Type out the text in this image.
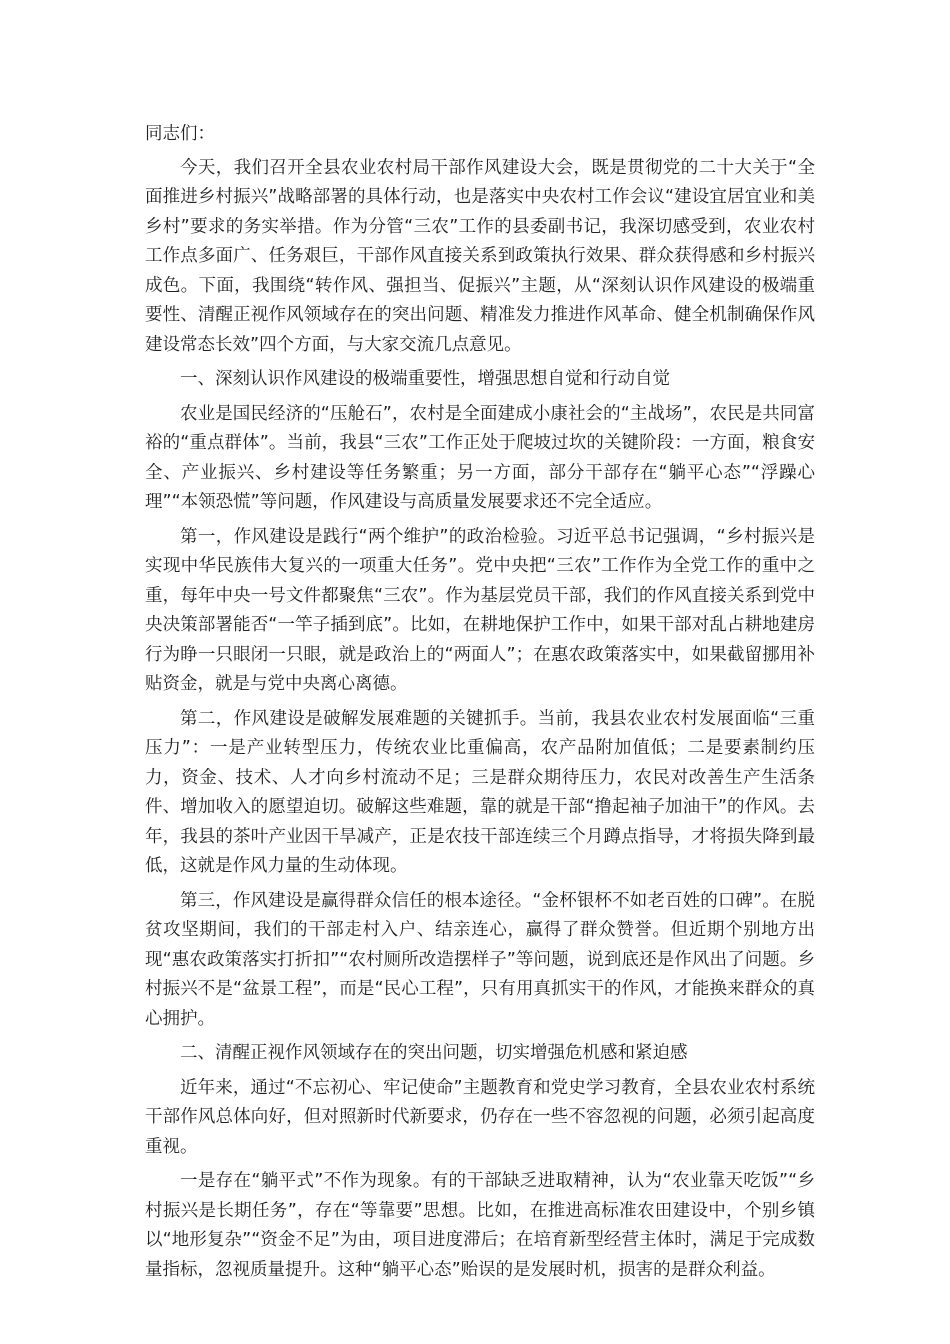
同志们：

今天，我们召开全县农业农村局干部作风建设大会，既是贯彻党的二十大关于“全面推进乡村振兴”战略部署的具体行动，也是落实中央农村工作会议“建设宜居宜业和美乡村”要求的务实举措。作为分管“三农”工作的县委副书记，我深切感受到，农业农村工作点多面广、任务艰巨，干部作风直接关系到政策执行效果、群众获得感和乡村振兴成色。下面，我围绕“转作风、强担当、促振兴”主题，从“深刻认识作风建设的极端重要性、清醒正视作风领域存在的突出问题、精准发力推进作风革命、健全机制确保作风建设常态长效”四个方面，与大家交流几点意见。

一、深刻认识作风建设的极端重要性，增强思想自觉和行动自觉

农业是国民经济的“压舱石”，农村是全面建成小康社会的“主战场”，农民是共同富裕的“重点群体”。当前，我县“三农”工作正处于爬坡过坎的关键阶段：一方面，粮食安全、产业振兴、乡村建设等任务繁重；另一方面，部分干部存在“躺平心态”“浮躁心理”“本领恐慌”等问题，作风建设与高质量发展要求还不完全适应。

第一，作风建设是践行“两个维护”的政治检验。习近平总书记强调，“乡村振兴是实现中华民族伟大复兴的一项重大任务”。党中央把“三农”工作作为全党工作的重中之重，每年中央一号文件都聚焦“三农”。作为基层党员干部，我们的作风直接关系到党中央决策部署能否“一竿子插到底”。比如，在耕地保护工作中，如果干部对乱占耕地建房行为睁一只眼闭一只眼，就是政治上的“两面人”；在惠农政策落实中，如果截留挪用补贴资金，就是与党中央离心离德。

第二，作风建设是破解发展难题的关键抓手。当前，我县农业农村发展面临“三重压力”：一是产业转型压力，传统农业比重偏高，农产品附加值低；二是要素制约压力，资金、技术、人才向乡村流动不足；三是群众期待压力，农民对改善生产生活条件、增加收入的愿望迫切。破解这些难题，靠的就是干部“撸起袖子加油干”的作风。去年，我县的茶叶产业因干旱减产，正是农技干部连续三个月蹲点指导，才将损失降到最低，这就是作风力量的生动体现。

第三，作风建设是赢得群众信任的根本途径。“金杯银杯不如老百姓的口碑”。在脱贫攻坚期间，我们的干部走村入户、结亲连心，赢得了群众赞誉。但近期个别地方出现“惠农政策落实打折扣”“农村厕所改造摆样子”等问题，说到底还是作风出了问题。乡村振兴不是“盆景工程”，而是“民心工程”，只有用真抓实干的作风，才能换来群众的真心拥护。

二、清醒正视作风领域存在的突出问题，切实增强危机感和紧迫感

近年来，通过“不忘初心、牢记使命”主题教育和党史学习教育，全县农业农村系统干部作风总体向好，但对照新时代新要求，仍存在一些不容忽视的问题，必须引起高度重视。

一是存在“躺平式”不作为现象。有的干部缺乏进取精神，认为“农业靠天吃饭”“乡村振兴是长期任务”，存在“等靠要”思想。比如，在推进高标准农田建设中，个别乡镇以“地形复杂”“资金不足”为由，项目进度滞后；在培育新型经营主体时，满足于完成数量指标，忽视质量提升。这种“躺平心态”贻误的是发展时机，损害的是群众利益。
